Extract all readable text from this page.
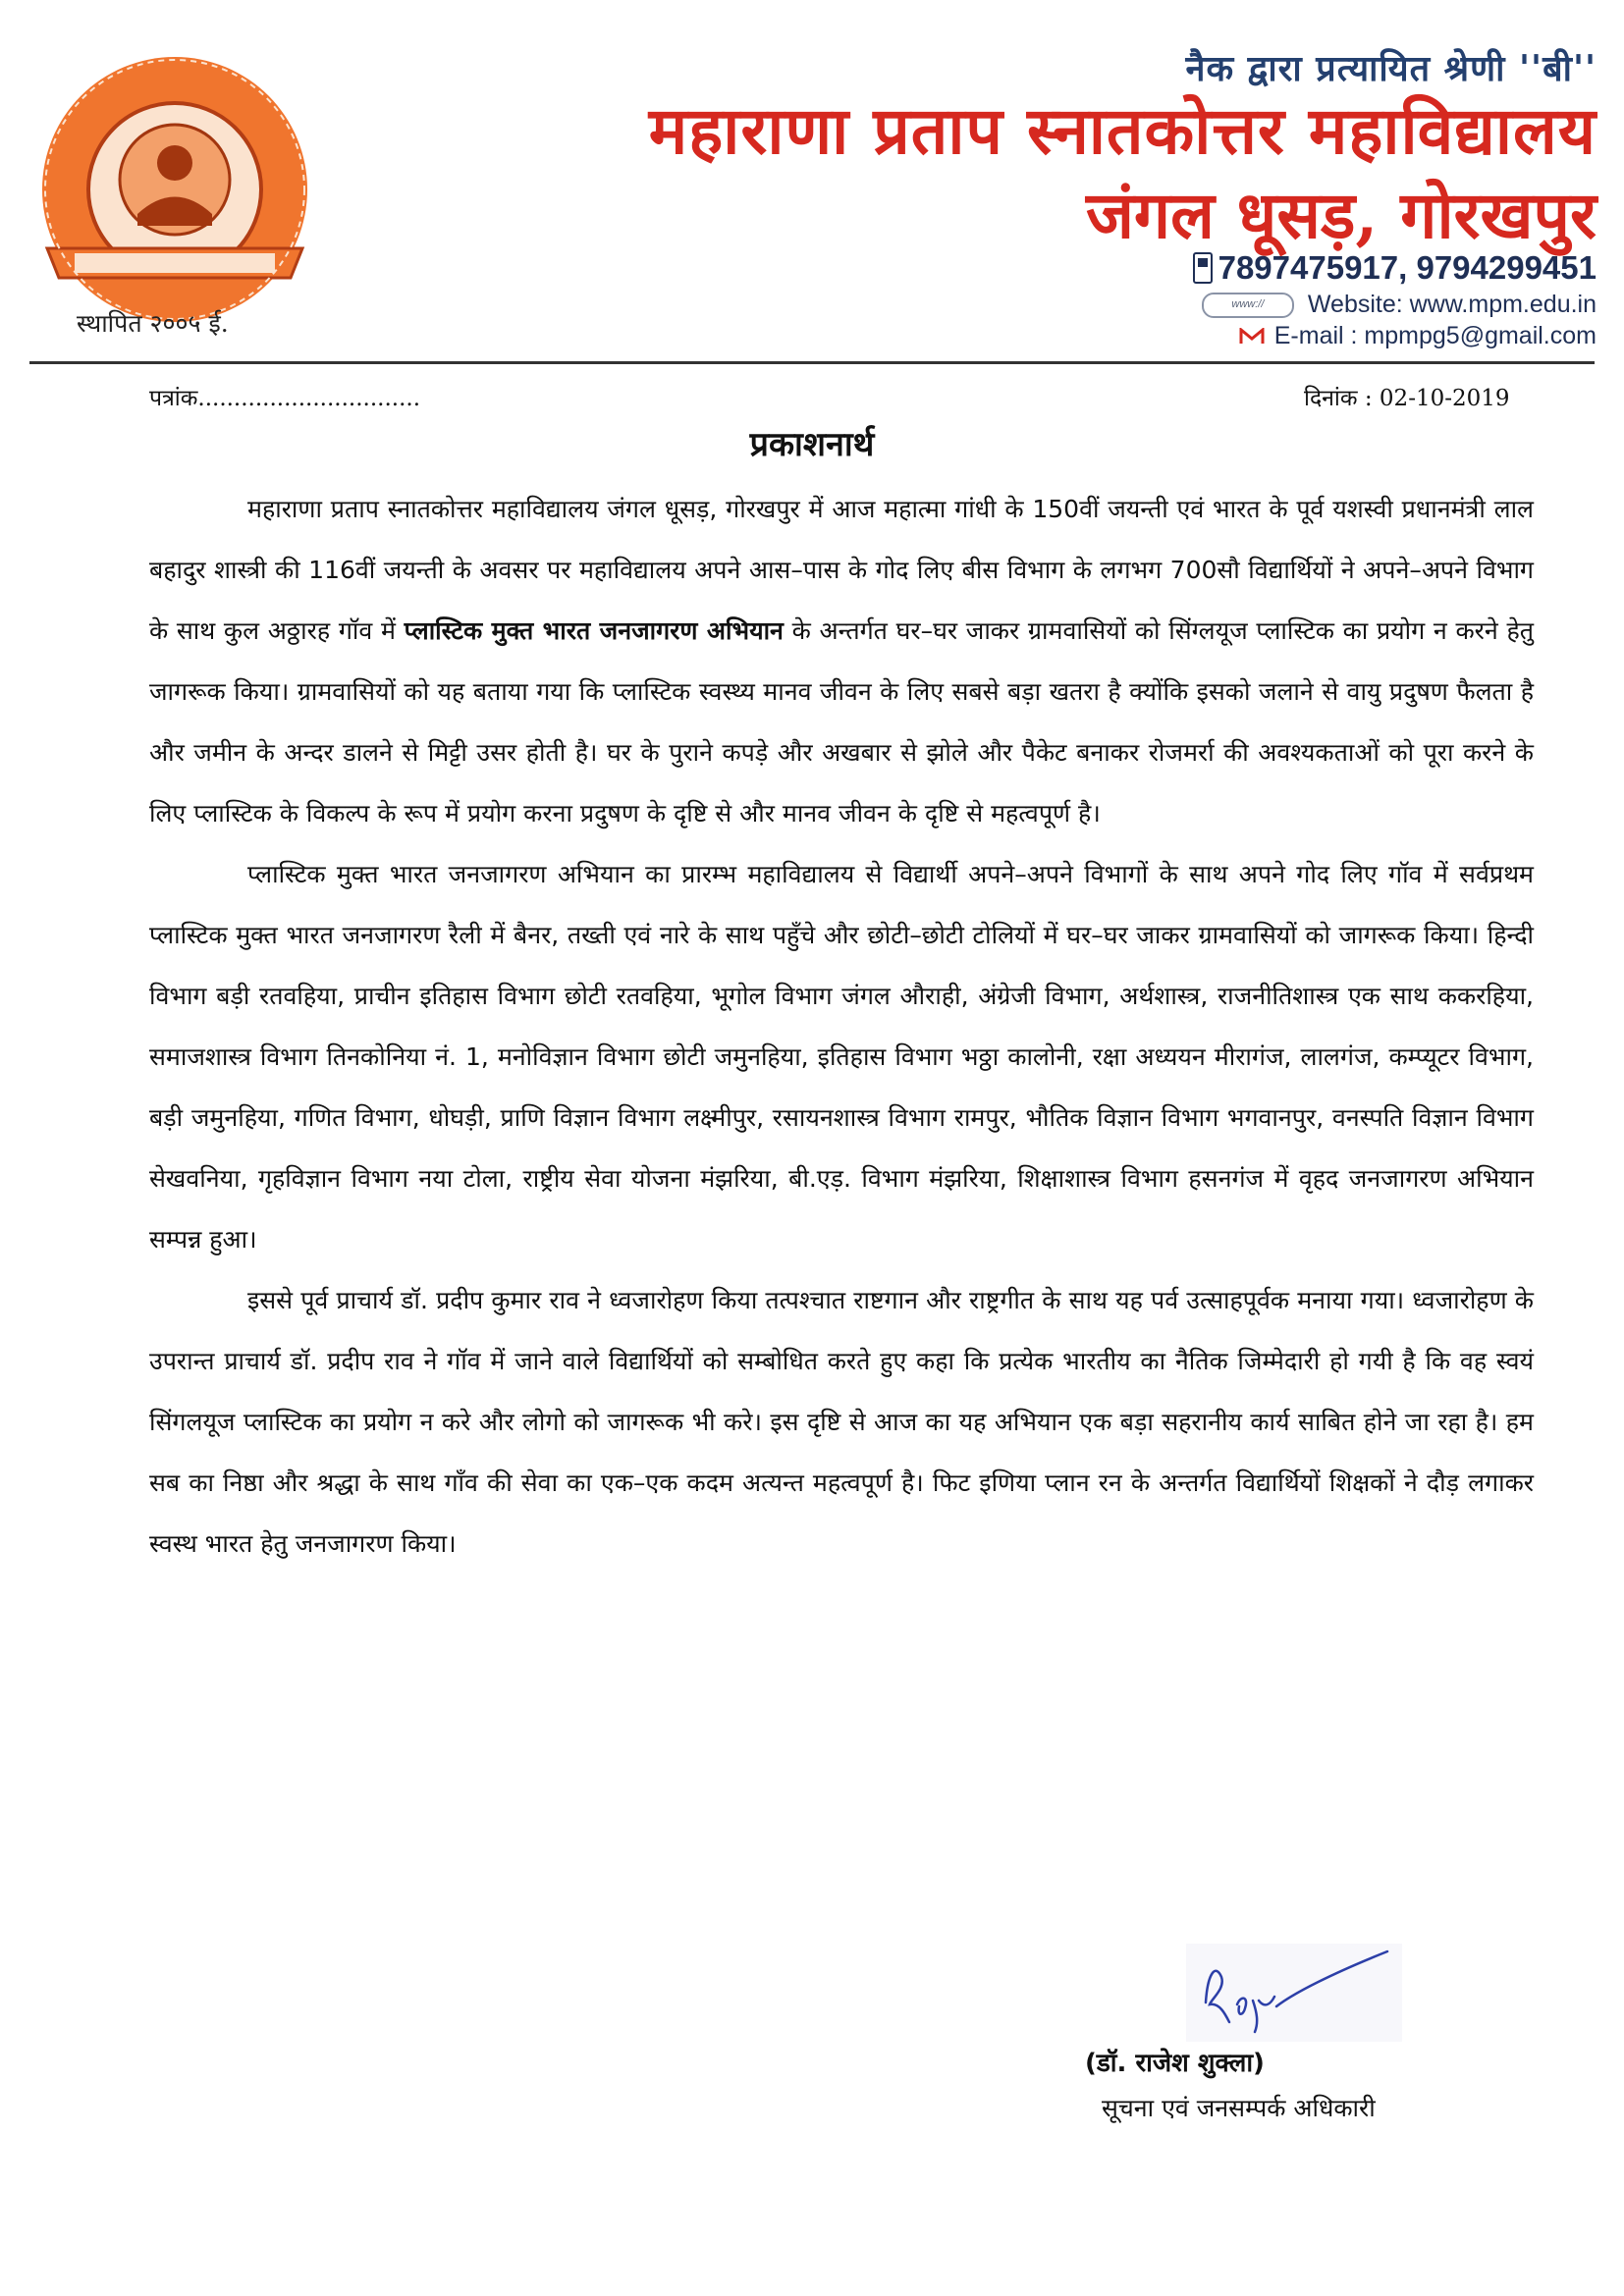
स्थापित २००५ ई.
नैक द्वारा प्रत्यायित श्रेणी ''बी''
महाराणा प्रताप स्नातकोत्तर महाविद्यालय
जंगल धूसड़, गोरखपुर
7897475917, 9794299451
www://	Website: www.mpm.edu.in
E-mail : mpmpg5@gmail.com
पत्रांक...............................	दिनांक : 02-10-2019
प्रकाशनार्थ

महाराणा प्रताप स्नातकोत्तर महाविद्यालय जंगल धूसड़, गोरखपुर में आज महात्मा गांधी के 150वीं जयन्ती एवं भारत के पूर्व यशस्वी प्रधानमंत्री लाल बहादुर शास्त्री की 116वीं जयन्ती के अवसर पर महाविद्यालय अपने आस–पास के गोद लिए बीस विभाग के लगभग 700सौ विद्यार्थियों ने अपने–अपने विभाग के साथ कुल अठ्ठारह गॉव में प्लास्टिक मुक्त भारत जनजागरण अभियान के अन्तर्गत घर–घर जाकर ग्रामवासियों को सिंग्लयूज प्लास्टिक का प्रयोग न करने हेतु जागरूक किया। ग्रामवासियों को यह बताया गया कि प्लास्टिक स्वस्थ्य मानव जीवन के लिए सबसे बड़ा खतरा है क्योंकि इसको जलाने से वायु प्रदुषण फैलता है और जमीन के अन्दर डालने से मिट्टी उसर होती है। घर के पुराने कपड़े और अखबार से झोले और पैकेट बनाकर रोजमर्रा की अवश्यकताओं को पूरा करने के लिए प्लास्टिक के विकल्प के रूप में प्रयोग करना प्रदुषण के दृष्टि से और मानव जीवन के दृष्टि से महत्वपूर्ण है।

प्लास्टिक मुक्त भारत जनजागरण अभियान का प्रारम्भ महाविद्यालय से विद्यार्थी अपने–अपने विभागों के साथ अपने गोद लिए गॉव में सर्वप्रथम प्लास्टिक मुक्त भारत जनजागरण रैली में बैनर, तख्ती एवं नारे के साथ पहुँचे और छोटी–छोटी टोलियों में घर–घर जाकर ग्रामवासियों को जागरूक किया। हिन्दी विभाग बड़ी रतवहिया, प्राचीन इतिहास विभाग छोटी रतवहिया, भूगोल विभाग जंगल औराही, अंग्रेजी विभाग, अर्थशास्त्र, राजनीतिशास्त्र एक साथ ककरहिया, समाजशास्त्र विभाग तिनकोनिया नं. 1, मनोविज्ञान विभाग छोटी जमुनहिया, इतिहास विभाग भठ्ठा कालोनी, रक्षा अध्ययन मीरागंज, लालगंज, कम्प्यूटर विभाग, बड़ी जमुनहिया, गणित विभाग, धोघड़ी, प्राणि विज्ञान विभाग लक्ष्मीपुर, रसायनशास्त्र विभाग रामपुर, भौतिक विज्ञान विभाग भगवानपुर, वनस्पति विज्ञान विभाग सेखवनिया, गृहविज्ञान विभाग नया टोला, राष्ट्रीय सेवा योजना मंझरिया, बी.एड़. विभाग मंझरिया, शिक्षाशास्त्र विभाग हसनगंज में वृहद जनजागरण अभियान सम्पन्न हुआ।

इससे पूर्व प्राचार्य डॉ. प्रदीप कुमार राव ने ध्वजारोहण किया तत्पश्चात राष्टगान और राष्ट्रगीत के साथ यह पर्व उत्साहपूर्वक मनाया गया। ध्वजारोहण के उपरान्त प्राचार्य डॉ. प्रदीप राव ने गॉव में जाने वाले विद्यार्थियों को सम्बोधित करते हुए कहा कि प्रत्येक भारतीय का नैतिक जिम्मेदारी हो गयी है कि वह स्वयं सिंगलयूज प्लास्टिक का प्रयोग न करे और लोगो को जागरूक भी करे। इस दृष्टि से आज का यह अभियान एक बड़ा सहरानीय कार्य साबित होने जा रहा है। हम सब का निष्ठा और श्रद्धा के साथ गाँव की सेवा का एक–एक कदम अत्यन्त महत्वपूर्ण है। फिट इणिया प्लान रन के अन्तर्गत विद्यार्थियों शिक्षकों ने दौड़ लगाकर स्वस्थ भारत हेतु जनजागरण किया।

(डॉ. राजेश शुक्ला)
सूचना एवं जनसम्पर्क अधिकारी
